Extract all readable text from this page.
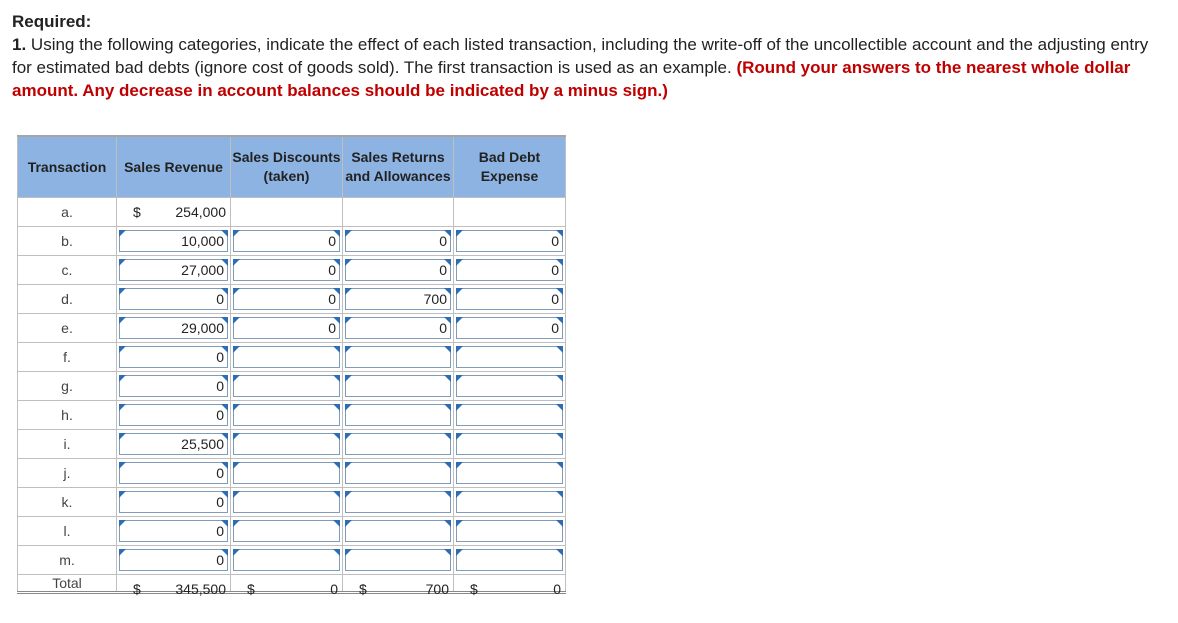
Required:
1. Using the following categories, indicate the effect of each listed transaction, including the write-off of the uncollectible account and the adjusting entry for estimated bad debts (ignore cost of goods sold). The first transaction is used as an example. (Round your answers to the nearest whole dollar amount. Any decrease in account balances should be indicated by a minus sign.)
Transaction	Sales Revenue	Sales Discounts (taken)	Sales Returns and Allowances	Bad Debt Expense
a.	$ 254,000			

b.	10,000	0	0	0

c.	27,000	0	0	0

d.	0	0	700	0

e.	29,000	0	0	0

f.	0			

g.	0			

h.	0			

i.	25,500			

j.	0			

k.	0			

l.	0			

m.	0			

Total	$ 345,500	$ 0	$ 700	$ 0
